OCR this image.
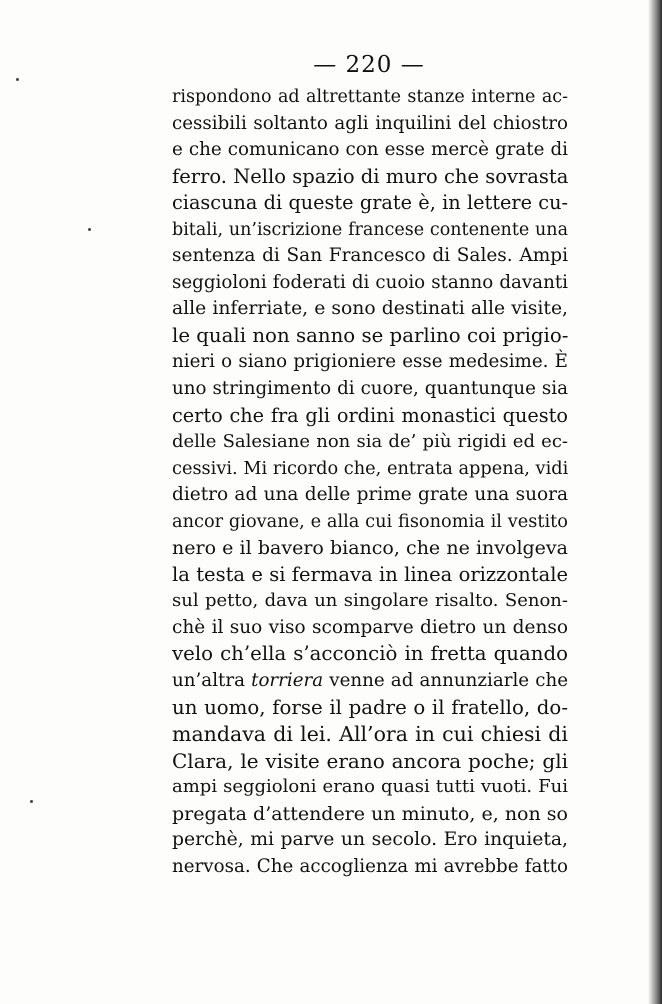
— 220 —
rispondono ad altrettante stanze interne ac-
cessibili soltanto agli inquilini del chiostro
e che comunicano con esse mercè grate di
ferro. Nello spazio di muro che sovrasta
ciascuna di queste grate è, in lettere cu-
bitali, un’iscrizione francese contenente una
sentenza di San Francesco di Sales. Ampi
seggioloni foderati di cuoio stanno davanti
alle inferriate, e sono destinati alle visite,
le quali non sanno se parlino coi prigio-
nieri o siano prigioniere esse medesime. È
uno stringimento di cuore, quantunque sia
certo che fra gli ordini monastici questo
delle Salesiane non sia de’ più rigidi ed ec-
cessivi. Mi ricordo che, entrata appena, vidi
dietro ad una delle prime grate una suora
ancor giovane, e alla cui fisonomia il vestito
nero e il bavero bianco, che ne involgeva
la testa e si fermava in linea orizzontale
sul petto, dava un singolare risalto. Senon-
chè il suo viso scomparve dietro un denso
velo ch’ella s’acconciò in fretta quando
un’altra torriera venne ad annunziarle che
un uomo, forse il padre o il fratello, do-
mandava di lei. All’ora in cui chiesi di
Clara, le visite erano ancora poche; gli
ampi seggioloni erano quasi tutti vuoti. Fui
pregata d’attendere un minuto, e, non so
perchè, mi parve un secolo. Ero inquieta,
nervosa. Che accoglienza mi avrebbe fatto
